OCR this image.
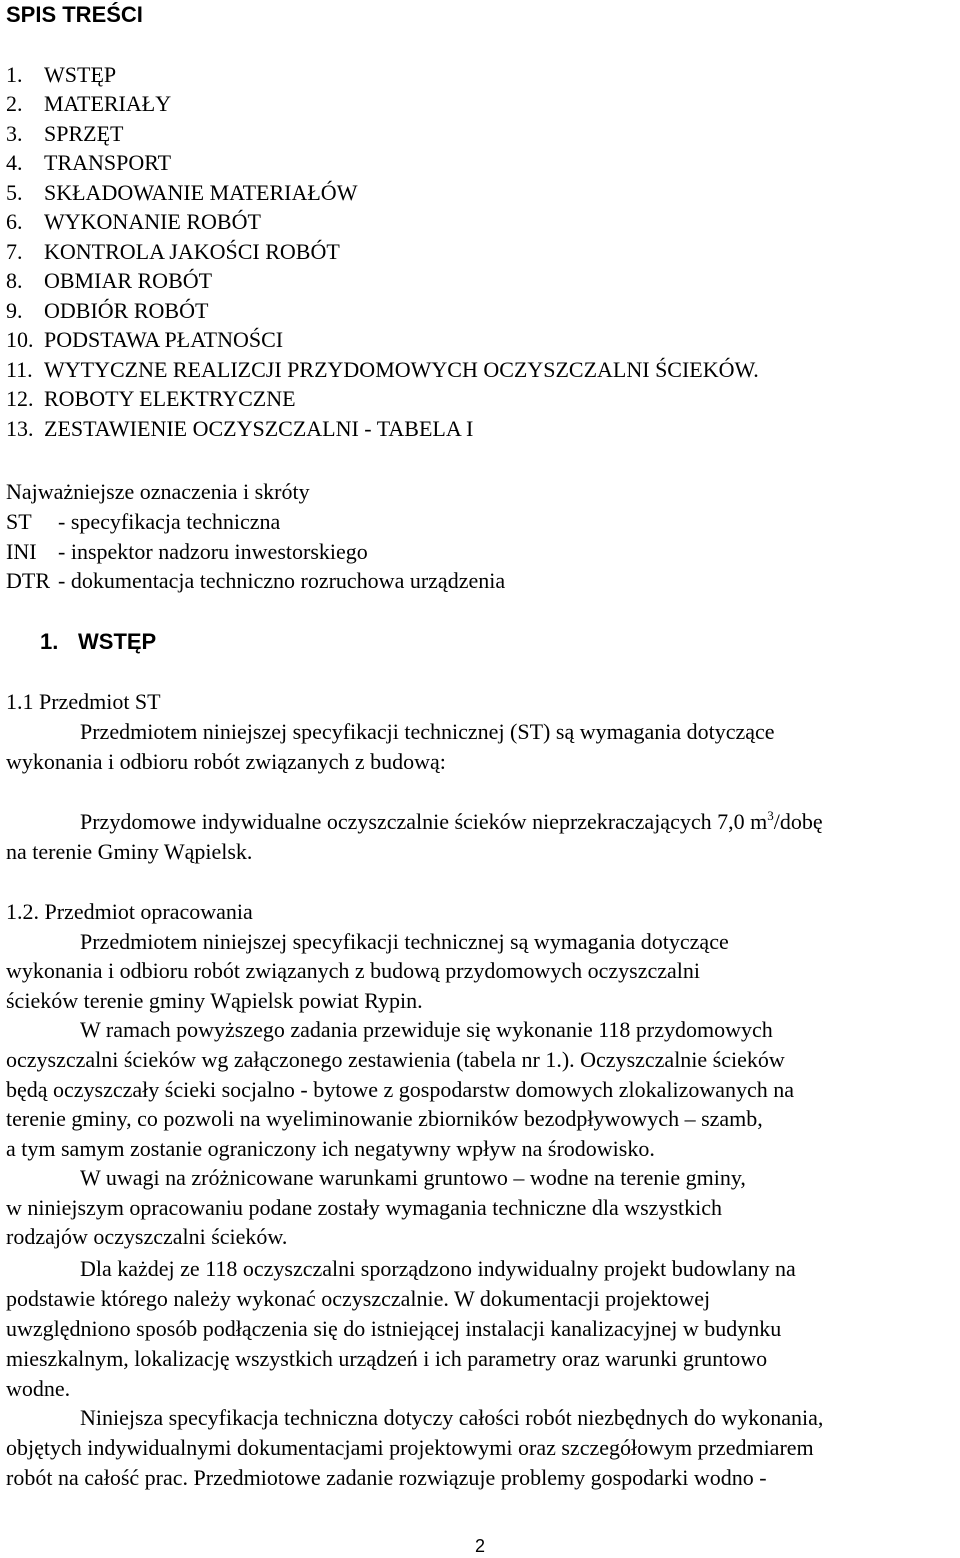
SPIS TREŚCI
1. WSTĘP
2. MATERIAŁY
3. SPRZĘT
4. TRANSPORT
5. SKŁADOWANIE MATERIAŁÓW
6. WYKONANIE ROBÓT
7. KONTROLA JAKOŚCI ROBÓT
8. OBMIAR ROBÓT
9. ODBIÓR ROBÓT
10. PODSTAWA PŁATNOŚCI
11. WYTYCZNE REALIZCJI PRZYDOMOWYCH OCZYSZCZALNI ŚCIEKÓW.
12. ROBOTY ELEKTRYCZNE
13. ZESTAWIENIE OCZYSZCZALNI - TABELA I
Najważniejsze oznaczenia i skróty
ST - specyfikacja techniczna
INI - inspektor nadzoru inwestorskiego
DTR - dokumentacja techniczno rozruchowa urządzenia
1. WSTĘP
1.1 Przedmiot ST
Przedmiotem niniejszej specyfikacji technicznej (ST) są wymagania dotyczące
wykonania i odbioru robót związanych z budową:
Przydomowe indywidualne oczyszczalnie ścieków nieprzekraczających 7,0 $m^3$/dobę
na terenie Gminy Wąpielsk.
1.2. Przedmiot opracowania
Przedmiotem niniejszej specyfikacji technicznej są wymagania dotyczące
wykonania i odbioru robót związanych z budową przydomowych oczyszczalni
ścieków terenie gminy Wąpielsk powiat Rypin.
W ramach powyższego zadania przewiduje się wykonanie 118 przydomowych
oczyszczalni ścieków wg załączonego zestawienia (tabela nr 1.). Oczyszczalnie ścieków
będą oczyszczały ścieki socjalno - bytowe z gospodarstw domowych zlokalizowanych na
terenie gminy, co pozwoli na wyeliminowanie zbiorników bezodpływowych – szamb,
a tym samym zostanie ograniczony ich negatywny wpływ na środowisko.
W uwagi na zróżnicowane warunkami gruntowo – wodne na terenie gminy,
w niniejszym opracowaniu podane zostały wymagania techniczne dla wszystkich
rodzajów oczyszczalni ścieków.
Dla każdej ze 118 oczyszczalni sporządzono indywidualny projekt budowlany na
podstawie którego należy wykonać oczyszczalnie. W dokumentacji projektowej
uwzględniono sposób podłączenia się do istniejącej instalacji kanalizacyjnej w budynku
mieszkalnym, lokalizację wszystkich urządzeń i ich parametry oraz warunki gruntowo
wodne.
Niniejsza specyfikacja techniczna dotyczy całości robót niezbędnych do wykonania,
objętych indywidualnymi dokumentacjami projektowymi oraz szczegółowym przedmiarem
robót na całość prac. Przedmiotowe zadanie rozwiązuje problemy gospodarki wodno -
2
